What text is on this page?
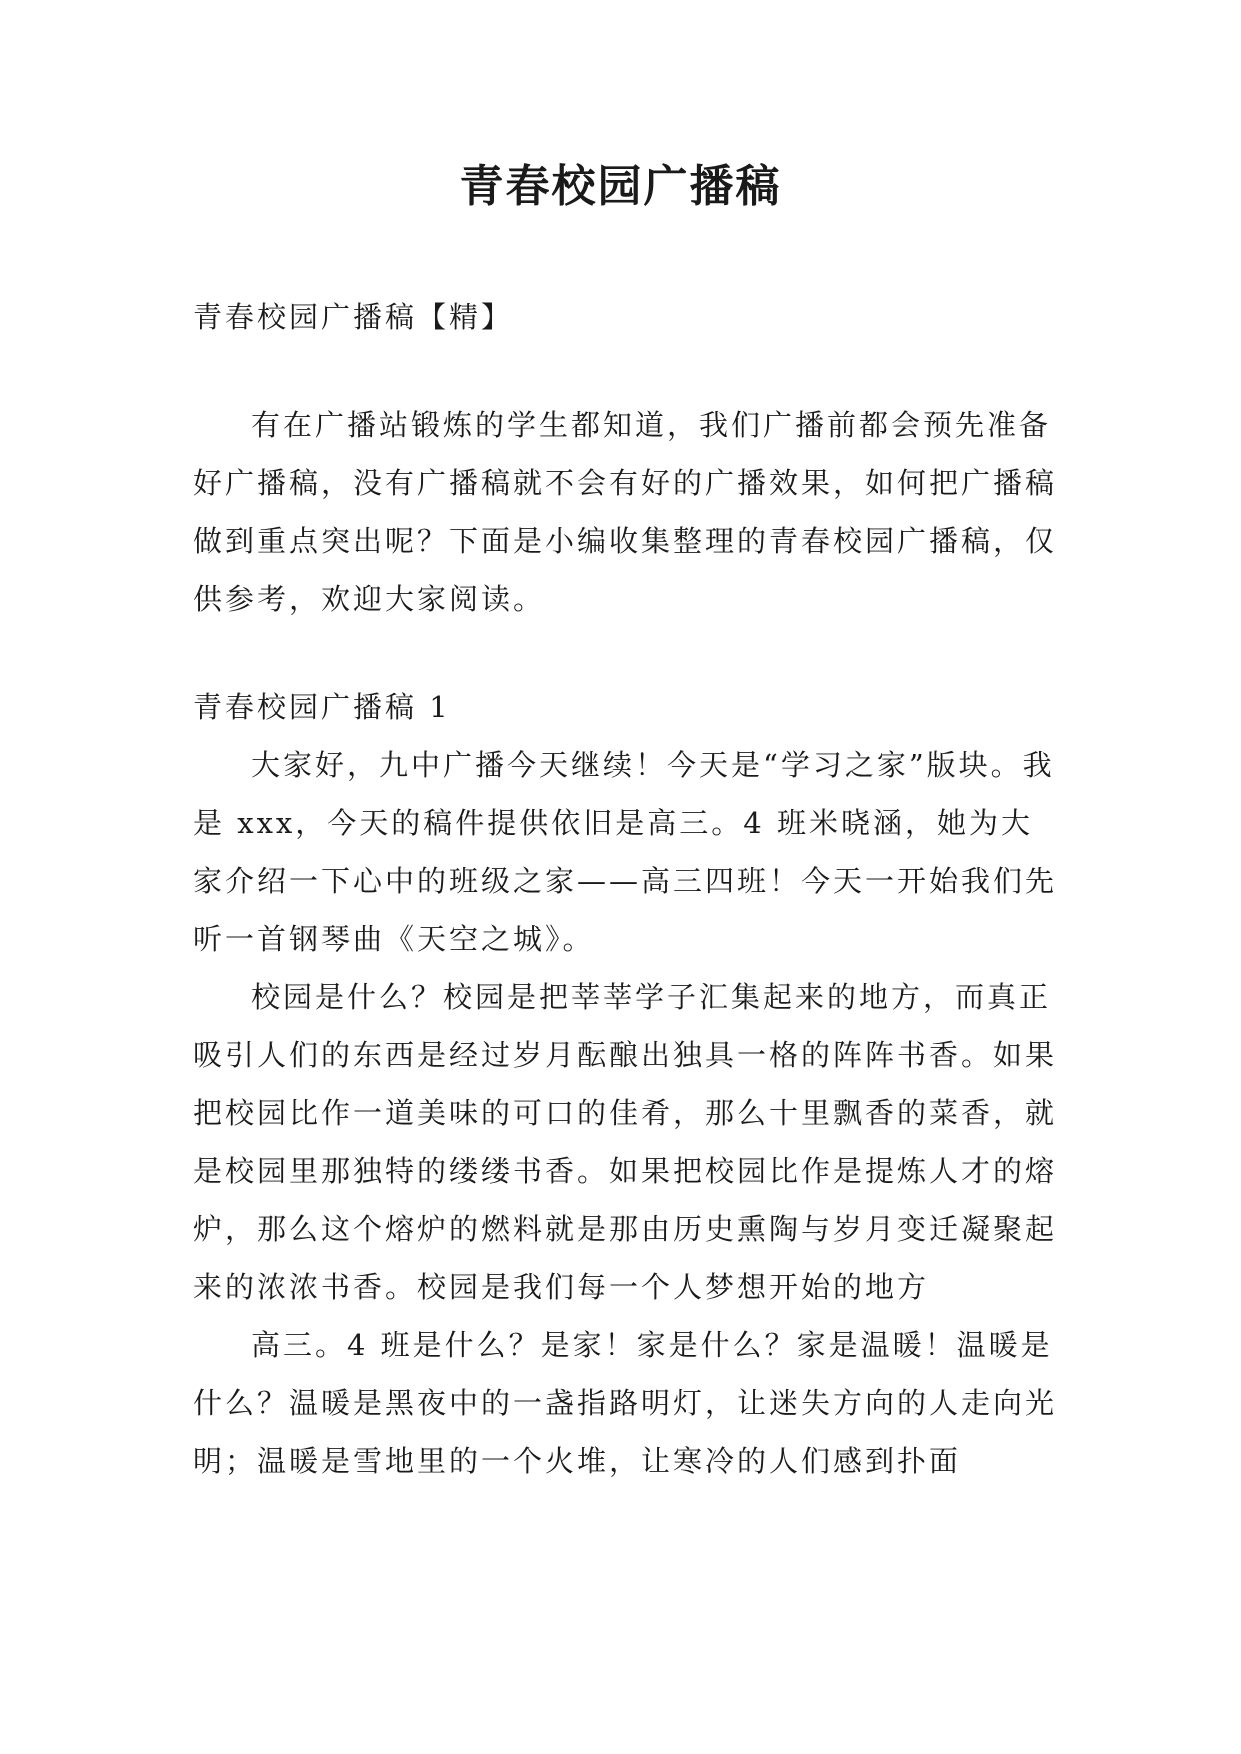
青春校园广播稿

青春校园广播稿【精】

有在广播站锻炼的学生都知道，我们广播前都会预先准备好广播稿，没有广播稿就不会有好的广播效果，如何把广播稿做到重点突出呢？下面是小编收集整理的青春校园广播稿，仅供参考，欢迎大家阅读。

青春校园广播稿 1

大家好，九中广播今天继续！今天是“学习之家”版块。我是 xxx，今天的稿件提供依旧是高三。4 班米晓涵，她为大家介绍一下心中的班级之家——高三四班！今天一开始我们先听一首钢琴曲《天空之城》。

校园是什么？校园是把莘莘学子汇集起来的地方，而真正吸引人们的东西是经过岁月酝酿出独具一格的阵阵书香。如果把校园比作一道美味的可口的佳肴，那么十里飘香的菜香，就是校园里那独特的缕缕书香。如果把校园比作是提炼人才的熔炉，那么这个熔炉的燃料就是那由历史熏陶与岁月变迁凝聚起来的浓浓书香。校园是我们每一个人梦想开始的地方

高三。4 班是什么？是家！家是什么？家是温暖！温暖是什么？温暖是黑夜中的一盏指路明灯，让迷失方向的人走向光明；温暖是雪地里的一个火堆，让寒冷的人们感到扑面
